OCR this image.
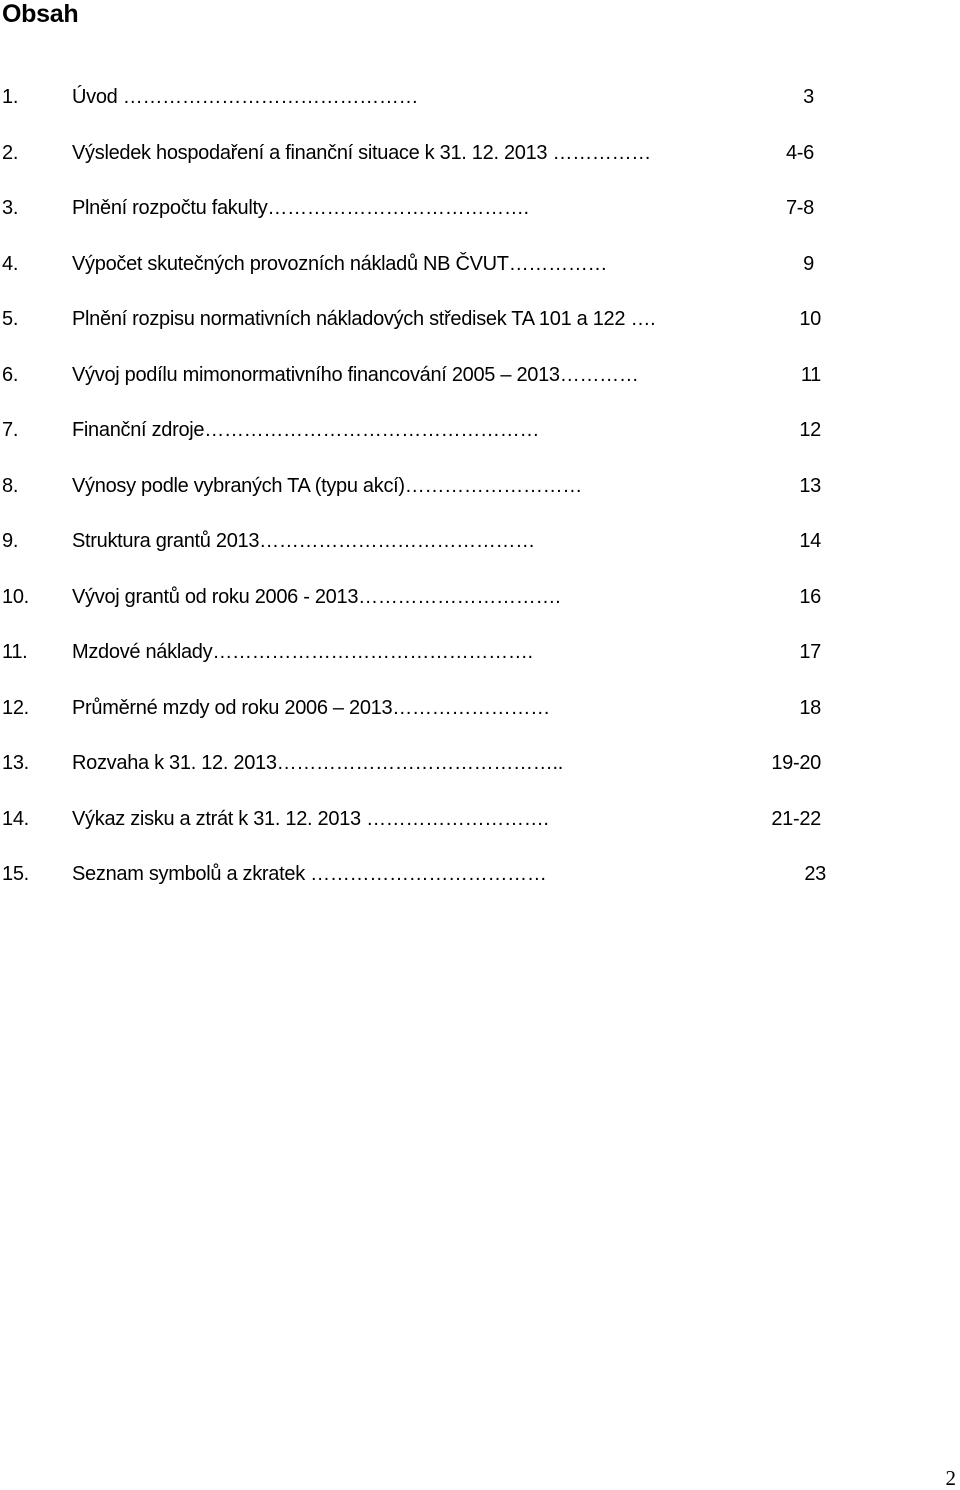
Obsah
1.	Úvod ………………………………………	3
2.	Výsledek hospodaření a finanční situace k 31. 12. 2013 ……………	4-6
3.	Plnění rozpočtu fakulty………………………………….	7-8
4.	Výpočet skutečných provozních nákladů NB ČVUT……………	9
5.	Plnění rozpisu normativních nákladových středisek TA 101 a 122 ….	10
6.	Vývoj podílu mimonormativního financování 2005 – 2013…………	11
7.	Finanční zdroje……………………………………………	12
8.	Výnosy podle vybraných TA (typu akcí)………………………	13
9.	Struktura grantů 2013……………………………………	14
10. Vývoj grantů od roku 2006 - 2013………………………….	16
11. Mzdové náklady………………………………………….	17
12. Průměrné mzdy od roku 2006 – 2013……………………	18
13. Rozvaha k 31. 12. 2013……………………………………..	19-20
14. Výkaz zisku a ztrát k 31. 12. 2013 ……………………….	21-22
15. Seznam symbolů a zkratek ………………………………	23
2
